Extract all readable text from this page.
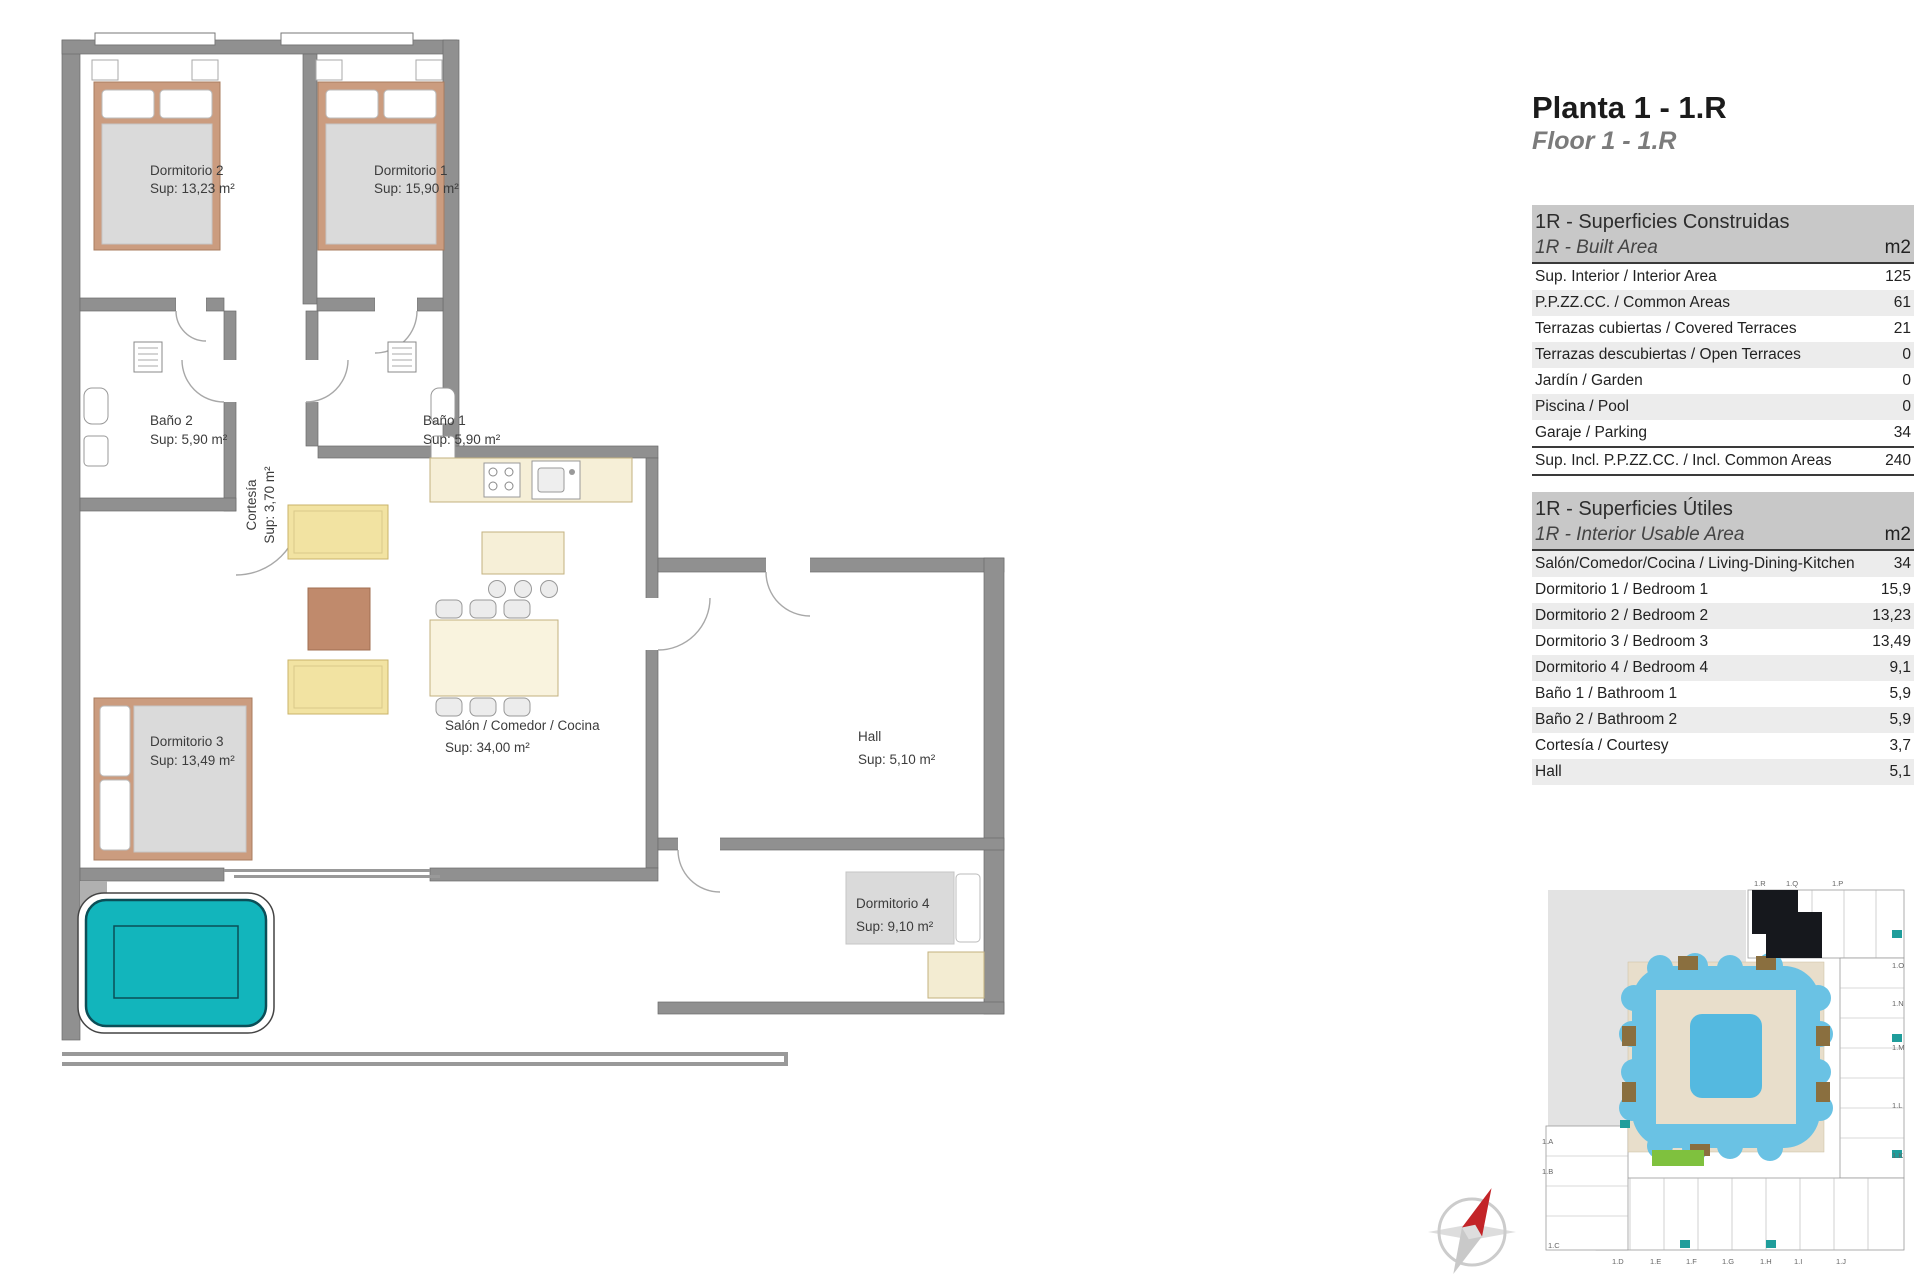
Dormitorio 2
Sup: 13,23 m²
Dormitorio 1
Sup: 15,90 m²
Baño 2
Sup: 5,90 m²
Baño 1
Sup: 5,90 m²
Cortesía Sup: 3,70 m²
Dormitorio 3
Sup: 13,49 m²
Salón / Comedor / Cocina
Sup: 34,00 m²
Hall
Sup: 5,10 m²
Dormitorio 4
Sup: 9,10 m²
Planta 1 - 1.R
Floor 1 - 1.R
1R - Superficies Construidas
1R - Built Area	m2
Sup. Interior / Interior Area	125
P.P.ZZ.CC. / Common Areas	61
Terrazas cubiertas / Covered Terraces	21
Terrazas descubiertas / Open Terraces	0
Jardín / Garden	0
Piscina / Pool	0
Garaje / Parking	34
Sup. Incl. P.P.ZZ.CC. / Incl. Common Areas	240
1R - Superficies Útiles
1R - Interior Usable Area	m2
Salón/Comedor/Cocina / Living-Dining-Kitchen	34
Dormitorio 1 / Bedroom 1	15,9
Dormitorio 2 / Bedroom 2	13,23
Dormitorio 3 / Bedroom 3	13,49
Dormitorio 4 / Bedroom 4	9,1
Baño 1 / Bathroom 1	5,9
Baño 2 / Bathroom 2	5,9
Cortesía / Courtesy	3,7
Hall	5,1
1.R	1.Q	1.P
1.O
1.N
1.M
1.L
1.K
1.A
1.B
1.C
1.D	1.E	1.F	1.G	1.H	1.I	1.J
